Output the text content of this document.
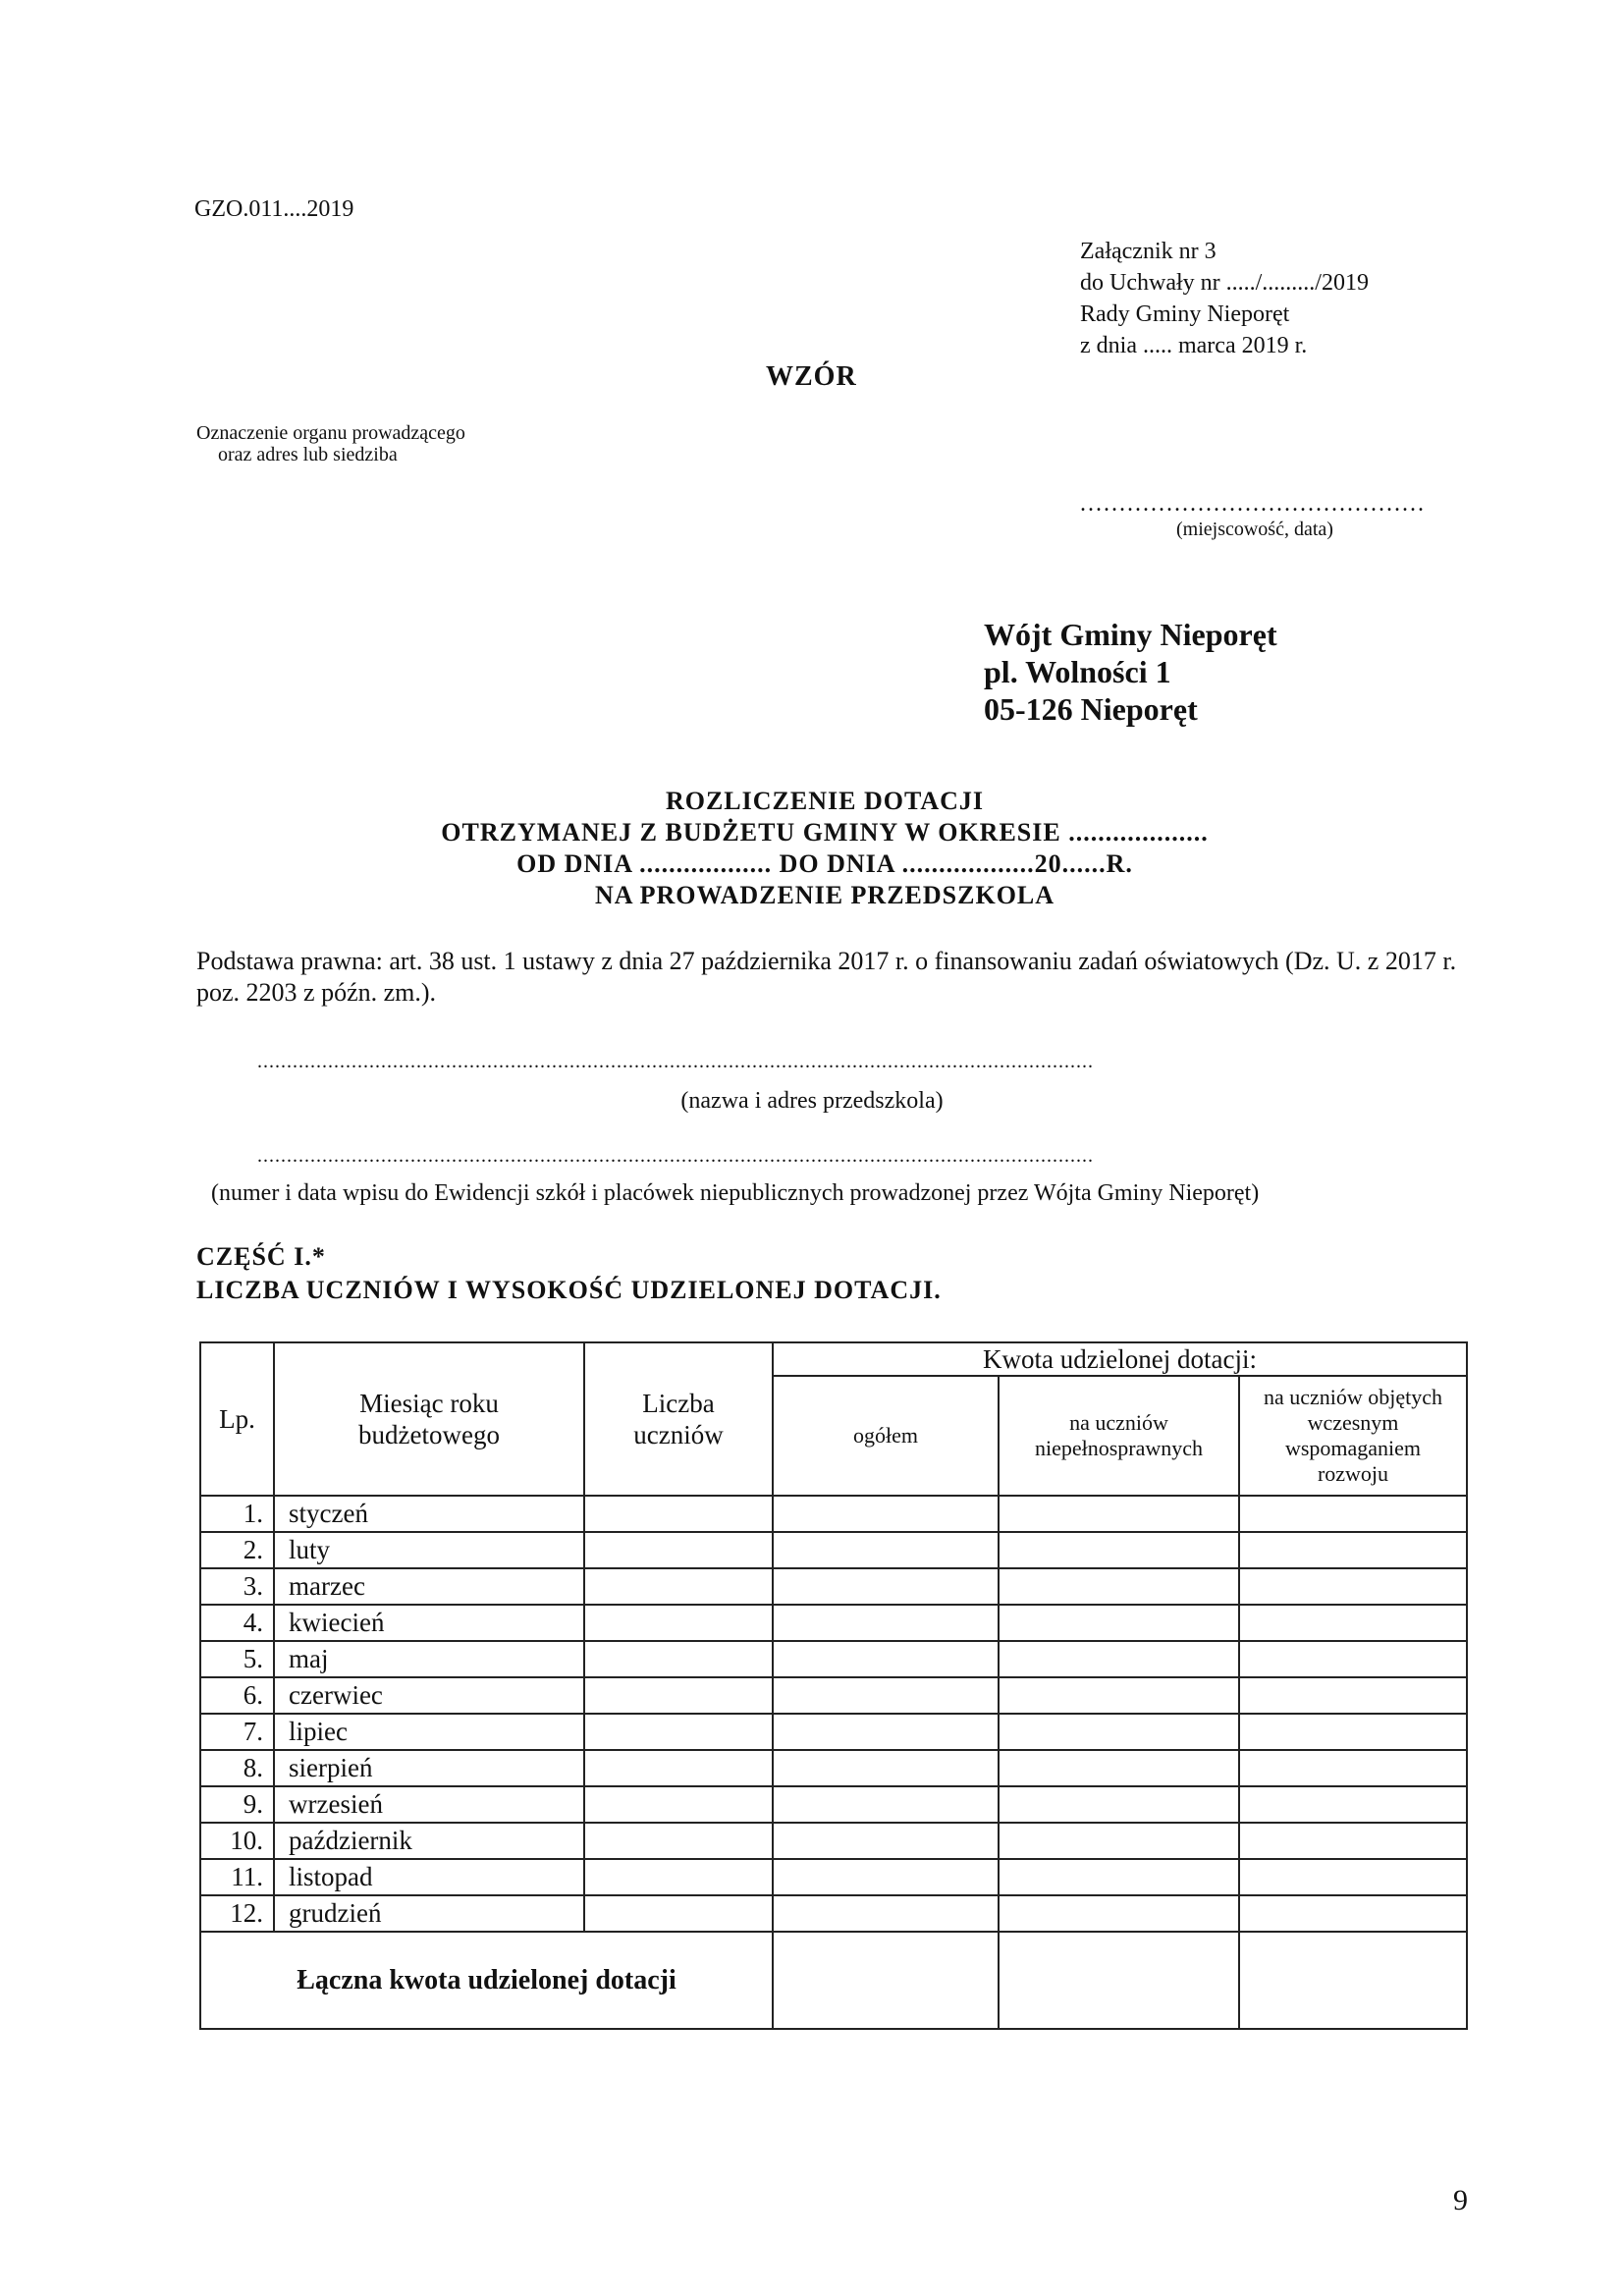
GZO.011....2019
Załącznik nr 3
do Uchwały nr ...../........./2019
Rady Gminy Nieporęt
z dnia ..... marca 2019 r.
WZÓR
Oznaczenie organu prowadzącego
oraz adres lub siedziba
............................................
(miejscowość, data)
Wójt Gminy Nieporęt
pl. Wolności 1
05-126 Nieporęt
ROZLICZENIE DOTACJI
OTRZYMANEJ Z BUDŻETU GMINY W OKRESIE ...................
OD DNIA .................. DO DNIA ..................20......R.
NA PROWADZENIE PRZEDSZKOLA
Podstawa prawna: art. 38 ust. 1 ustawy z dnia 27 października 2017 r. o finansowaniu zadań oświatowych (Dz. U. z 2017 r. poz. 2203 z późn. zm.).
..............................................................................................................................................
(nazwa i adres przedszkola)
..............................................................................................................................................
(numer i data wpisu do Ewidencji szkół i placówek niepublicznych prowadzonej przez Wójta Gminy Nieporęt)
CZĘŚĆ I.*
LICZBA UCZNIÓW I WYSOKOŚĆ UDZIELONEJ DOTACJI.
Lp.	Miesiąc roku budżetowego	Liczba uczniów	Kwota udzielonej dotacji:		
			ogółem	na uczniów niepełnosprawnych	na uczniów objętych wczesnym wspomaganiem rozwoju
1.	styczeń				
2.	luty				
3.	marzec				
4.	kwiecień				
5.	maj				
6.	czerwiec				
7.	lipiec				
8.	sierpień				
9.	wrzesień				
10.	październik				
11.	listopad				
12.	grudzień				
Łączna kwota udzielonej dotacji					
9
